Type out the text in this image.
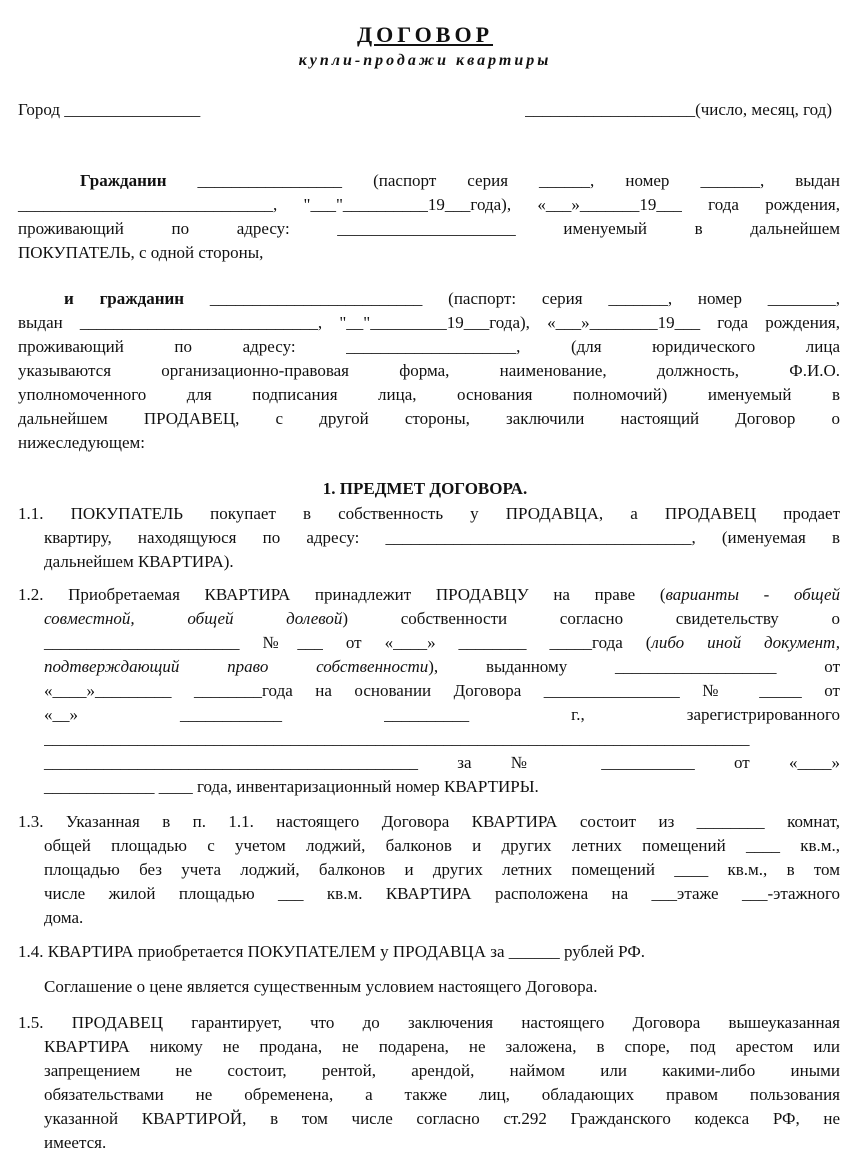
ДОГОВОР
купли-продажи квартиры
Город ________________	____________________(число, месяц, год)
Гражданин _________________ (паспорт серия ______, номер _______, выдан
______________________________, "___"__________19___года), «___»_______19___ года рождения,
проживающий по адресу: _____________________ именуемый в дальнейшем
ПОКУПАТЕЛЬ, с одной стороны,
и гражданин _________________________ (паспорт: серия _______, номер ________,
выдан ____________________________, "__"_________19___года), «___»________19___ года рождения,
проживающий по адресу: ____________________, (для юридического лица
указываются организационно-правовая форма, наименование, должность, Ф.И.О.
уполномоченного для подписания лица, основания полномочий) именуемый в
дальнейшем ПРОДАВЕЦ, с другой стороны, заключили настоящий Договор о
нижеследующем:
1. ПРЕДМЕТ ДОГОВОРА.
1.1. ПОКУПАТЕЛЬ покупает в собственность у ПРОДАВЦА, а ПРОДАВЕЦ продает
квартиру, находящуюся по адресу: ____________________________________, (именуемая в
дальнейшем КВАРТИРА).
1.2. Приобретаемая КВАРТИРА принадлежит ПРОДАВЦУ на праве (варианты - общей
совместной, общей долевой) собственности согласно свидетельству о
_______________________ №___ от «____» ________ _____года (либо иной документ,
подтверждающий право собственности), выданному ___________________ от
«____»_________ ________года на основании Договора ________________ № _____ от
«__» ____________ __________ г., зарегистрированного
___________________________________________________________________________________
____________________________________________ за № ___________ от «____»
_____________ ____ года, инвентаризационный номер КВАРТИРЫ.
1.3. Указанная в п. 1.1. настоящего Договора КВАРТИРА состоит из ________ комнат,
общей площадью с учетом лоджий, балконов и других летних помещений ____ кв.м.,
площадью без учета лоджий, балконов и других летних помещений ____ кв.м., в том
числе жилой площадью ___ кв.м. КВАРТИРА расположена на ___этаже ___-этажного
дома.
1.4. КВАРТИРА приобретается ПОКУПАТЕЛЕМ у ПРОДАВЦА за ______ рублей РФ.
Соглашение о цене является существенным условием настоящего Договора.
1.5. ПРОДАВЕЦ гарантирует, что до заключения настоящего Договора вышеуказанная
КВАРТИРА никому не продана, не подарена, не заложена, в споре, под арестом или
запрещением не состоит, рентой, арендой, наймом или какими-либо иными
обязательствами не обременена, а также лиц, обладающих правом пользования
указанной КВАРТИРОЙ, в том числе согласно ст.292 Гражданского кодекса РФ, не
имеется.
